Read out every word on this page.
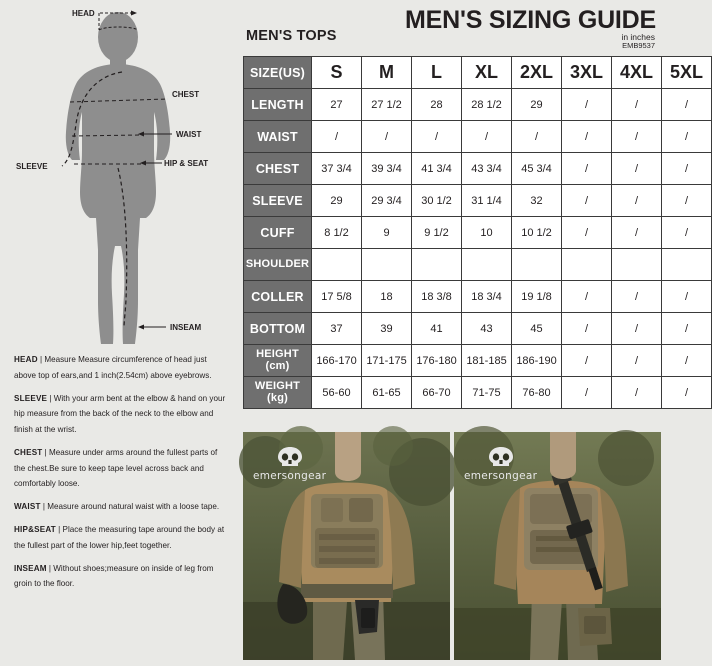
HEAD
CHEST
WAIST
SLEEVE	HIP & SEAT
INSEAM
HEAD | Measure Measure circumference of head just above top of ears,and 1 inch(2.54cm) above eyebrows.
SLEEVE | With your arm bent at the elbow & hand on your hip measure from the back of the neck to the elbow and finish at the wrist.
CHEST | Measure under arms around the fullest parts of the chest.Be sure to keep tape level across back and comfortably loose.
WAIST | Measure around natural waist with a loose tape.
HIP&SEAT | Place the measuring tape around the body at the fullest part of the lower hip,feet together.
INSEAM | Without shoes;measure on inside of leg from groin to the floor.
MEN'S SIZING GUIDE
in inches
EMB9537
MEN'S TOPS
SIZE(US)	S	M	L	XL	2XL	3XL	4XL	5XL
LENGTH	27	27 1/2	28	28 1/2	29	/	/	/
WAIST	/	/	/	/	/	/	/	/
CHEST	37 3/4	39 3/4	41 3/4	43 3/4	45 3/4	/	/	/
SLEEVE	29	29 3/4	30 1/2	31 1/4	32	/	/	/
CUFF	8 1/2	9	9 1/2	10	10 1/2	/	/	/
SHOULDER								
COLLER	17 5/8	18	18 3/8	18 3/4	19 1/8	/	/	/
BOTTOM	37	39	41	43	45	/	/	/
HEIGHT (cm)	166-170	171-175	176-180	181-185	186-190	/	/	/
WEIGHT (kg)	56-60	61-65	66-70	71-75	76-80	/	/	/
emersongear	emersongear
